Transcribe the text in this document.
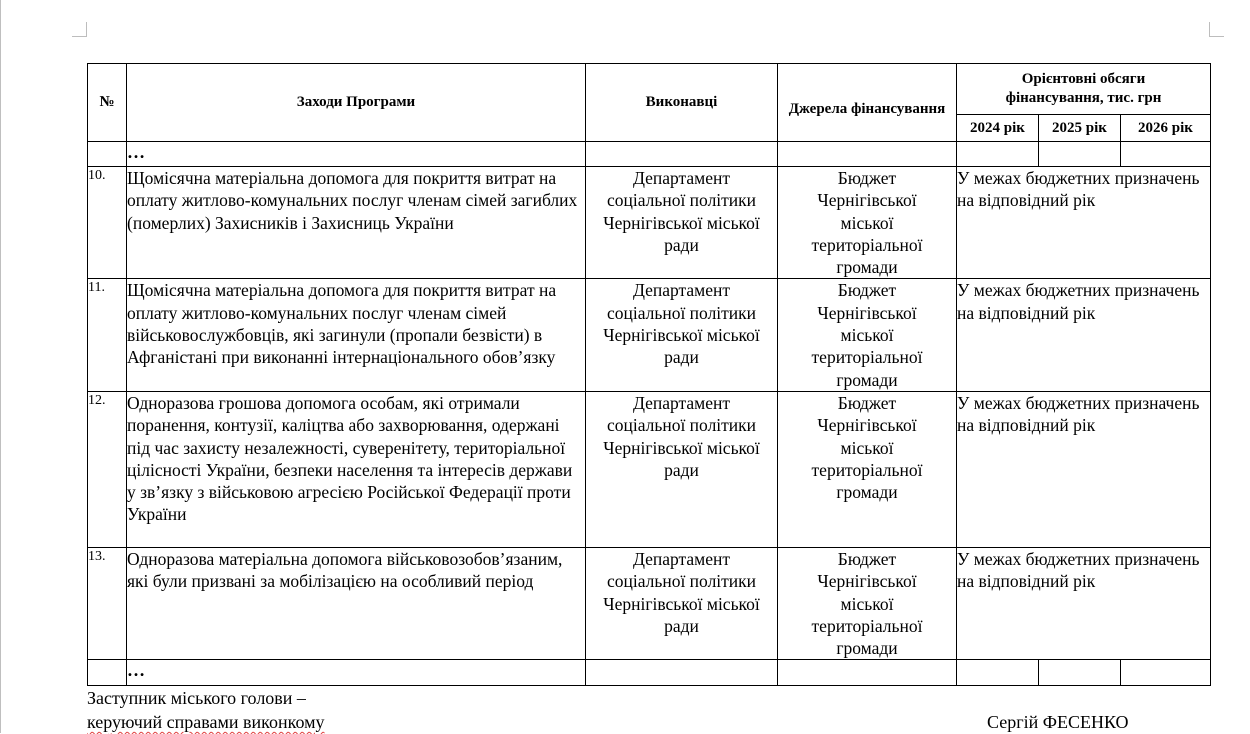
№	Заходи Програми	Виконавці	Джерела фінансування	Орієнтовні обсяги фінансування, тис. грн		
				2024 рік	2025 рік	2026 рік
	…					
10.	Щомісячна матеріальна допомога для покриття витрат на оплату житлово-комунальних послуг членам сімей загиблих (померлих) Захисників і Захисниць України	Департамент соціальної політики Чернігівської міської ради	Бюджет Чернігівської міської територіальної громади	У межах бюджетних призначень на відповідний рік		
11.	Щомісячна матеріальна допомога для покриття витрат на оплату житлово-комунальних послуг членам сімей військовослужбовців, які загинули (пропали безвісти) в Афганістані при виконанні інтернаціонального обов’язку	Департамент соціальної політики Чернігівської міської ради	Бюджет Чернігівської міської територіальної громади	У межах бюджетних призначень на відповідний рік		
12.	Одноразова грошова допомога особам, які отримали поранення, контузії, каліцтва або захворювання, одержані під час захисту незалежності, суверенітету, територіальної цілісності України, безпеки населення та інтересів держави у зв’язку з військовою агресією Російської Федерації проти України	Департамент соціальної політики Чернігівської міської ради	Бюджет Чернігівської міської територіальної громади	У межах бюджетних призначень на відповідний рік		
13.	Одноразова матеріальна допомога військовозобов’язаним, які були призвані за мобілізацією на особливий період	Департамент соціальної політики Чернігівської міської ради	Бюджет Чернігівської міської територіальної громади	У межах бюджетних призначень на відповідний рік		
	…					
Заступник міського голови –
керуючий справами виконкому	Сергій ФЕСЕНКО
